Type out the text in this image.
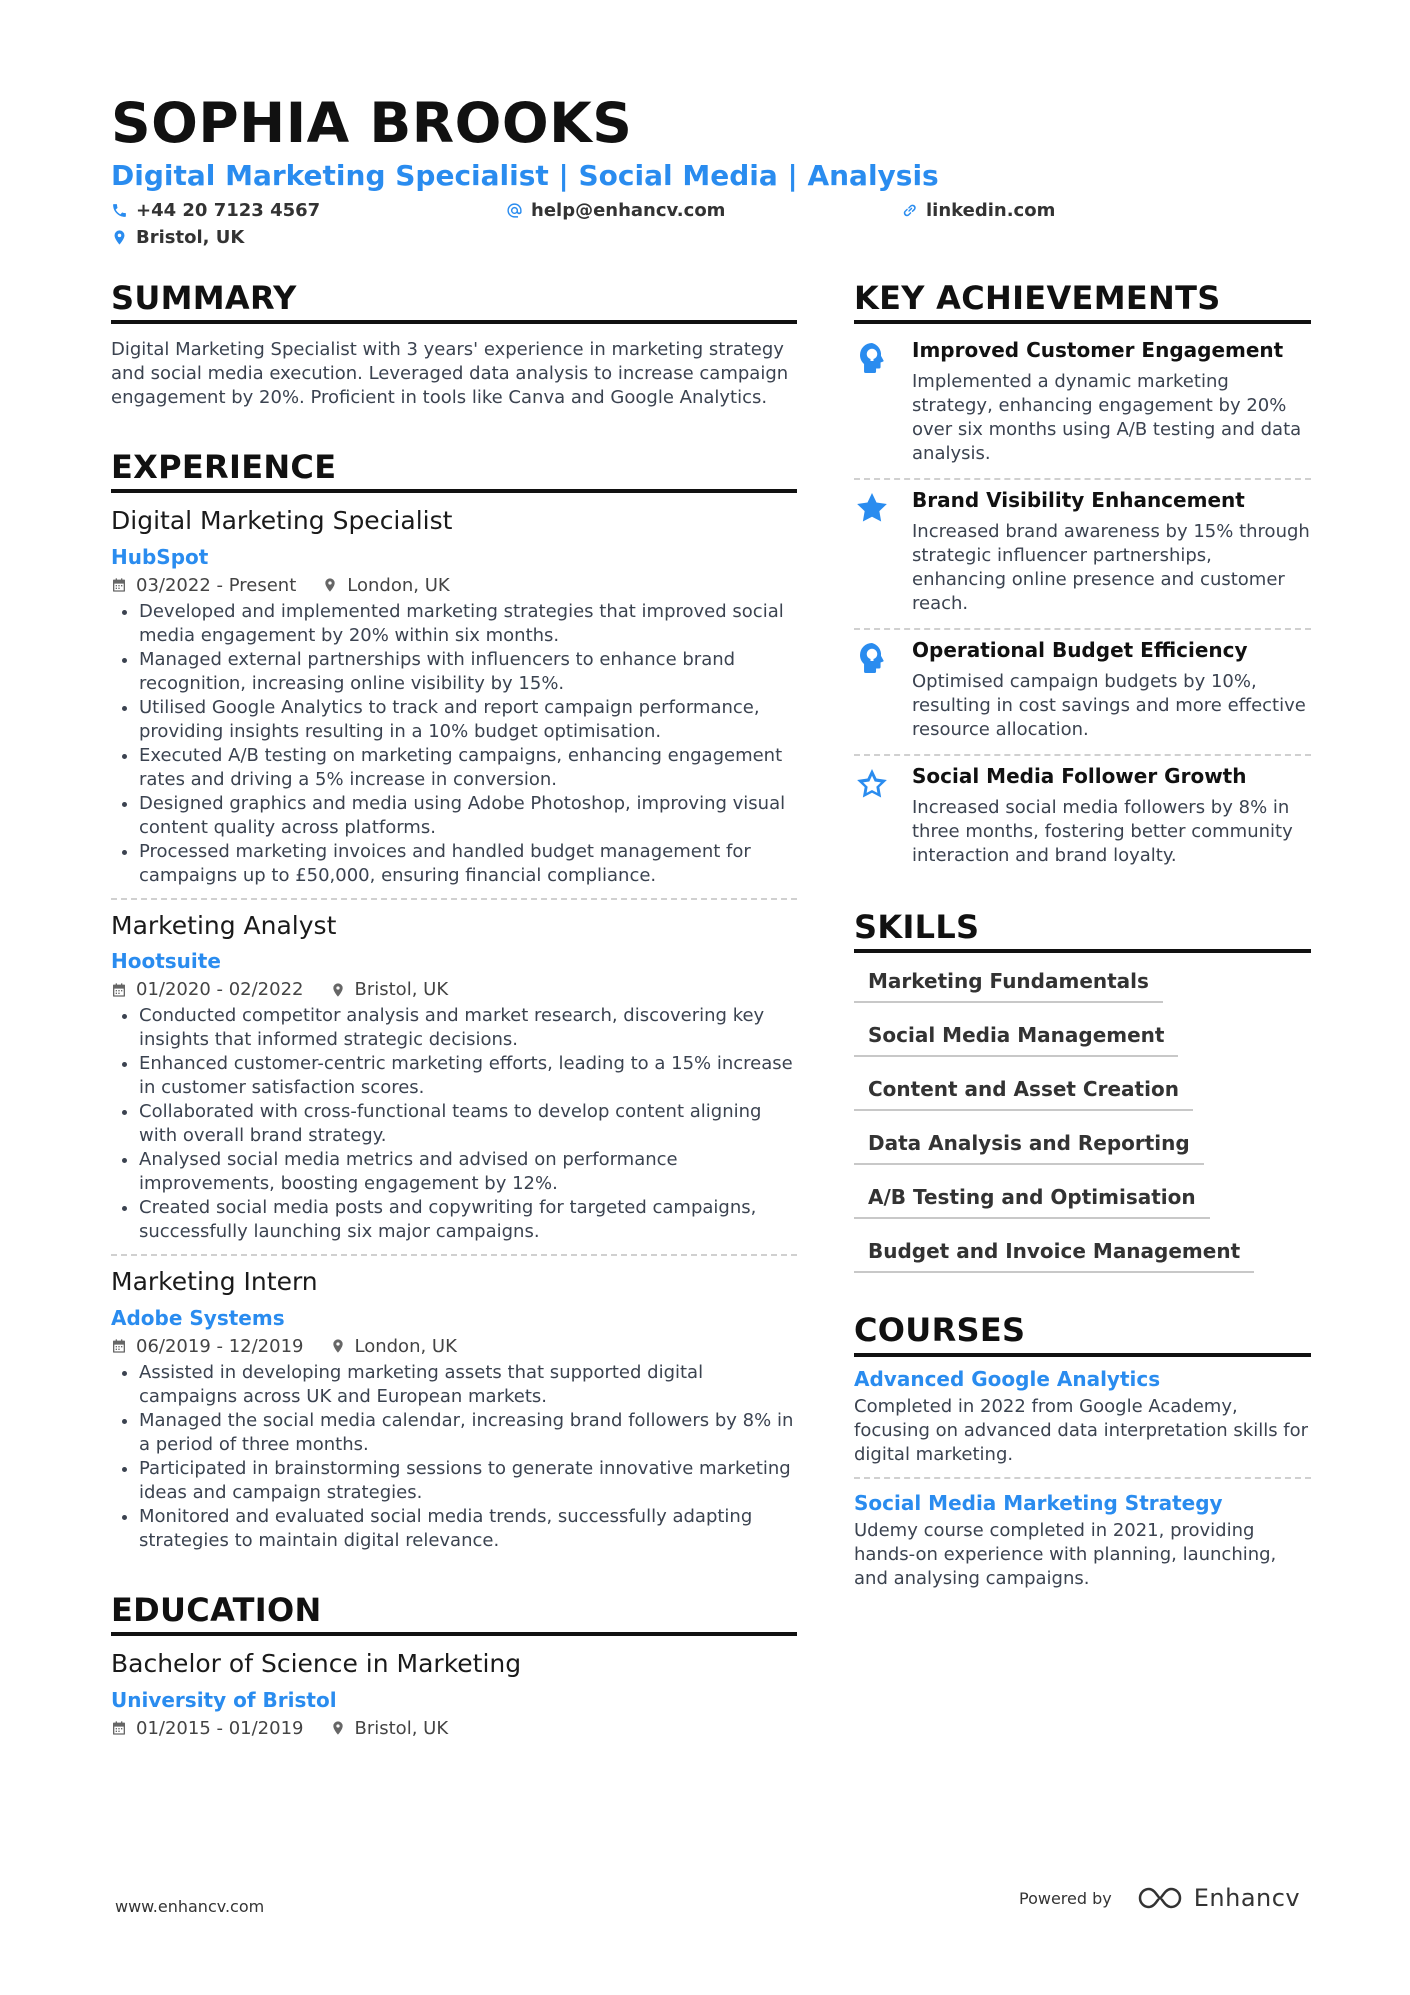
SOPHIA BROOKS
Digital Marketing Specialist | Social Media | Analysis
+44 20 7123 4567	help@enhancv.com	linkedin.com
Bristol, UK
SUMMARY
Digital Marketing Specialist with 3 years' experience in marketing strategy and social media execution. Leveraged data analysis to increase campaign engagement by 20%. Proficient in tools like Canva and Google Analytics.
EXPERIENCE
Digital Marketing Specialist
HubSpot
03/2022 - Present	London, UK
• Developed and implemented marketing strategies that improved social media engagement by 20% within six months.
• Managed external partnerships with influencers to enhance brand recognition, increasing online visibility by 15%.
• Utilised Google Analytics to track and report campaign performance, providing insights resulting in a 10% budget optimisation.
• Executed A/B testing on marketing campaigns, enhancing engagement rates and driving a 5% increase in conversion.
• Designed graphics and media using Adobe Photoshop, improving visual content quality across platforms.
• Processed marketing invoices and handled budget management for campaigns up to £50,000, ensuring financial compliance.
Marketing Analyst
Hootsuite
01/2020 - 02/2022	Bristol, UK
• Conducted competitor analysis and market research, discovering key insights that informed strategic decisions.
• Enhanced customer-centric marketing efforts, leading to a 15% increase in customer satisfaction scores.
• Collaborated with cross-functional teams to develop content aligning with overall brand strategy.
• Analysed social media metrics and advised on performance improvements, boosting engagement by 12%.
• Created social media posts and copywriting for targeted campaigns, successfully launching six major campaigns.
Marketing Intern
Adobe Systems
06/2019 - 12/2019	London, UK
• Assisted in developing marketing assets that supported digital campaigns across UK and European markets.
• Managed the social media calendar, increasing brand followers by 8% in a period of three months.
• Participated in brainstorming sessions to generate innovative marketing ideas and campaign strategies.
• Monitored and evaluated social media trends, successfully adapting strategies to maintain digital relevance.
EDUCATION
Bachelor of Science in Marketing
University of Bristol
01/2015 - 01/2019	Bristol, UK
KEY ACHIEVEMENTS
Improved Customer Engagement
Implemented a dynamic marketing strategy, enhancing engagement by 20% over six months using A/B testing and data analysis.
Brand Visibility Enhancement
Increased brand awareness by 15% through strategic influencer partnerships, enhancing online presence and customer reach.
Operational Budget Efficiency
Optimised campaign budgets by 10%, resulting in cost savings and more effective resource allocation.
Social Media Follower Growth
Increased social media followers by 8% in three months, fostering better community interaction and brand loyalty.
SKILLS
Marketing Fundamentals
Social Media Management
Content and Asset Creation
Data Analysis and Reporting
A/B Testing and Optimisation
Budget and Invoice Management
COURSES
Advanced Google Analytics
Completed in 2022 from Google Academy, focusing on advanced data interpretation skills for digital marketing.
Social Media Marketing Strategy
Udemy course completed in 2021, providing hands-on experience with planning, launching, and analysing campaigns.
www.enhancv.com	Powered by	Enhancv
